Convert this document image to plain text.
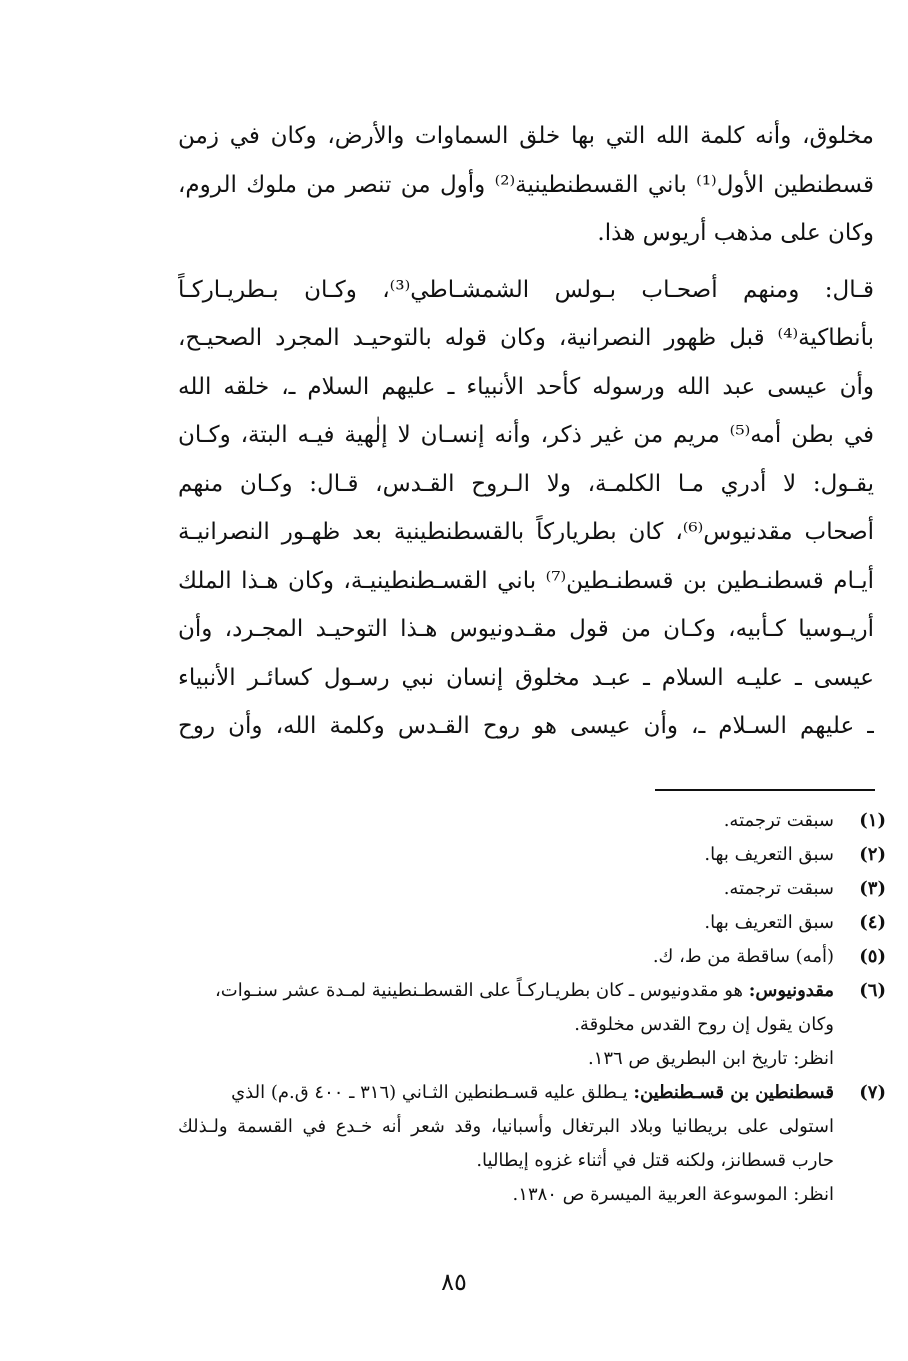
مخلوق، وأنه كلمة الله التي بها خلق السماوات والأرض، وكان في زمن
قسطنطين الأول⁽¹⁾ باني القسطنطينية⁽²⁾ وأول من تنصر من ملوك الروم،
وكان على مذهب أريوس هذا.
قـال: ومنهم أصحـاب بـولس الشمشـاطي⁽³⁾، وكـان بـطريـاركـاً
بأنطاكية⁽⁴⁾ قبل ظهور النصرانية، وكان قوله بالتوحيـد المجرد الصحيـح،
وأن عيسى عبد الله ورسوله كأحد الأنبياء ـ عليهم السلام ـ، خلقه الله
في بطن أمه⁽⁵⁾ مريم من غير ذكر، وأنه إنسـان لا إلٰهية فيـه البتة، وكـان
يقـول: لا أدري مـا الكلمـة، ولا الـروح القـدس، قـال: وكـان منهم
أصحاب مقدنيوس⁽⁶⁾، كان بطرياركاً بالقسطنطينية بعد ظهـور النصرانيـة
أيـام قسطنـطين بن قسطنـطين⁽⁷⁾ باني القسـطنطينيـة، وكان هـذا الملك
أريـوسيا كـأبيه، وكـان من قول مقـدونيوس هـذا التوحيـد المجـرد، وأن
عيسى ـ عليـه السلام ـ عبـد مخلوق إنسان نبي رسـول كسائـر الأنبياء
ـ عليهم السـلام ـ، وأن عيسى هو روح القـدس وكلمة الله، وأن روح
(١)
سبقت ترجمته.
(٢)
سبق التعريف بها.
(٣)
سبقت ترجمته.
(٤)
سبق التعريف بها.
(٥)
(أمه) ساقطة من ط، ك.
(٦)
مقدونيوس: هو مقدونيوس ـ كان بطريـاركـاً على القسطـنطينية لمـدة عشر سنـوات،
وكان يقول إن روح القدس مخلوقة.
انظر: تاريخ ابن البطريق ص ١٣٦.
(٧)
قسطنطين بن قسـطنطين: يـطلق عليه قسـطنطين الثـاني (٣١٦ ـ ٤٠٠ ق.م) الذي
استولى على بريطانيا وبلاد البرتغال وأسبانيا، وقد شعر أنه خـدع في القسمة ولـذلك
حارب قسطانز، ولكنه قتل في أثناء غزوه إيطاليا.
انظر: الموسوعة العربية الميسرة ص ١٣٨٠.
٨٥
